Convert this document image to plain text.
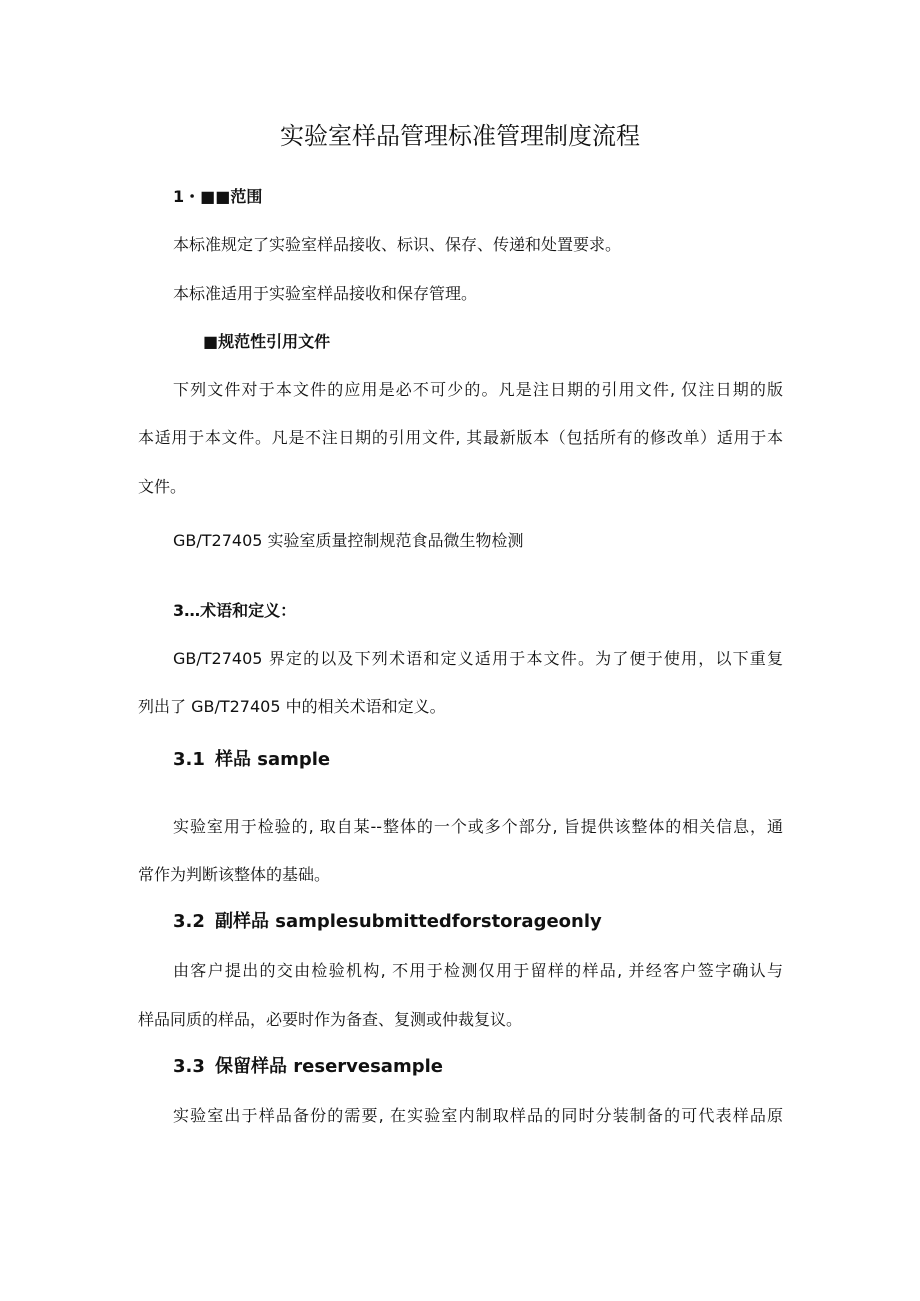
实验室样品管理标准管理制度流程
1・■■范围
本标准规定了实验室样品接收、标识、保存、传递和处置要求。
本标准适用于实验室样品接收和保存管理。
■规范性引用文件
下列文件对于本文件的应用是必不可少的。凡是注日期的引用文件, 仅注日期的版
本适用于本文件。凡是不注日期的引用文件, 其最新版本（包括所有的修改单）适用于本
文件。
GB/T27405 实验室质量控制规范食品微生物检测
3…术语和定义：
GB/T27405 界定的以及下列术语和定义适用于本文件。为了便于使用，以下重复
列出了 GB/T27405 中的相关术语和定义。
3.1 样品 sample
实验室用于检验的, 取自某--整体的一个或多个部分, 旨提供该整体的相关信息，通
常作为判断该整体的基础。
3.2 副样品 samplesubmittedforstorageonly
由客户提出的交由检验机构, 不用于检测仅用于留样的样品, 并经客户签字确认与
样品同质的样品，必要时作为备查、复测或仲裁复议。
3.3 保留样品 reservesample
实验室出于样品备份的需要, 在实验室内制取样品的同时分装制备的可代表样品原
